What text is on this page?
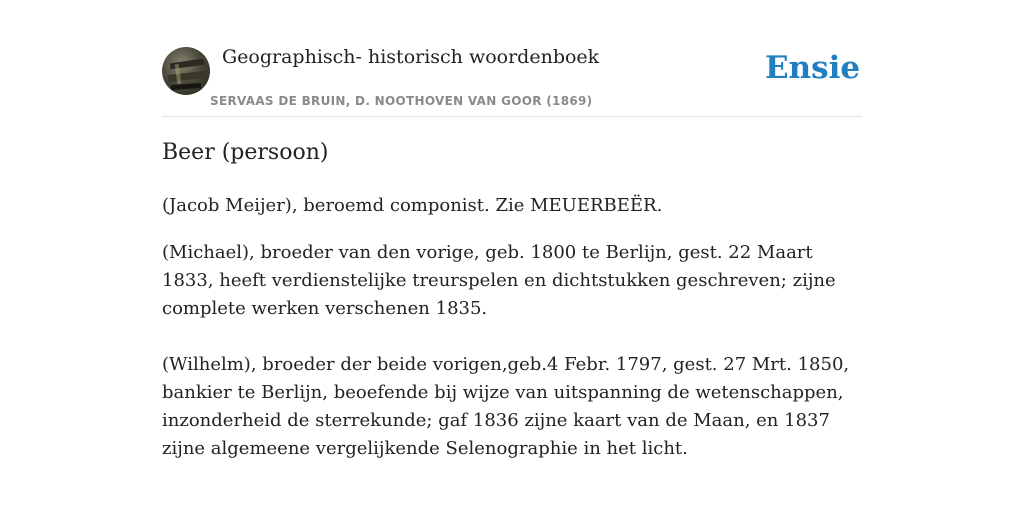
Geographisch- historisch woordenboek
SERVAAS DE BRUIN, D. NOOTHOVEN VAN GOOR (1869)
Ensie
Beer (persoon)

(Jacob Meijer), beroemd componist. Zie MEUERBEЁR.

(Michael), broeder van den vorige, geb. 1800 te Berlijn, gest. 22 Maart 1833, heeft verdienstelijke treurspelen en dichtstukken geschreven; zijne complete werken verschenen 1835.

(Wilhelm), broeder der beide vorigen,geb.4 Febr. 1797, gest. 27 Mrt. 1850, bankier te Berlijn, beoefende bij wijze van uitspanning de wetenschappen, inzonderheid de sterrekunde; gaf 1836 zijne kaart van de Maan, en 1837 zijne algemeene vergelijkende Selenographie in het licht.
